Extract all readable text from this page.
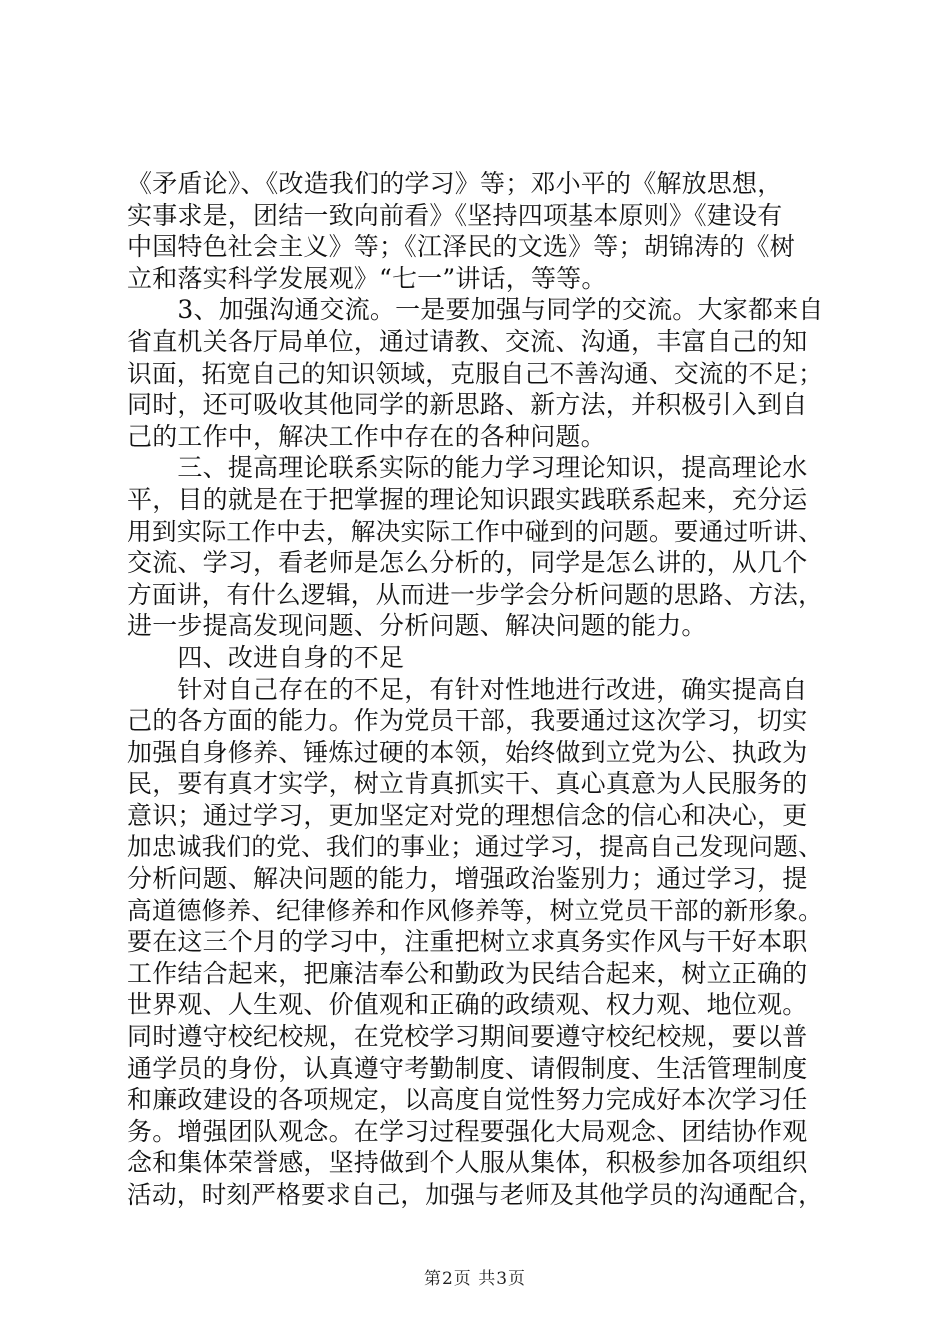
《矛盾论》、《改造我们的学习》等；邓小平的《解放思想，
实事求是，团结一致向前看》《坚持四项基本原则》《建设有
中国特色社会主义》等；《江泽民的文选》等；胡锦涛的《树
立和落实科学发展观》“七一”讲话，等等。
　　3、加强沟通交流。一是要加强与同学的交流。大家都来自
省直机关各厅局单位，通过请教、交流、沟通，丰富自己的知
识面，拓宽自己的知识领域，克服自己不善沟通、交流的不足；
同时，还可吸收其他同学的新思路、新方法，并积极引入到自
己的工作中，解决工作中存在的各种问题。
　　三、提高理论联系实际的能力学习理论知识，提高理论水
平，目的就是在于把掌握的理论知识跟实践联系起来，充分运
用到实际工作中去，解决实际工作中碰到的问题。要通过听讲、
交流、学习，看老师是怎么分析的，同学是怎么讲的，从几个
方面讲，有什么逻辑，从而进一步学会分析问题的思路、方法，
进一步提高发现问题、分析问题、解决问题的能力。
　　四、改进自身的不足
　　针对自己存在的不足，有针对性地进行改进，确实提高自
己的各方面的能力。作为党员干部，我要通过这次学习，切实
加强自身修养、锤炼过硬的本领，始终做到立党为公、执政为
民，要有真才实学，树立肯真抓实干、真心真意为人民服务的
意识；通过学习，更加坚定对党的理想信念的信心和决心，更
加忠诚我们的党、我们的事业；通过学习，提高自己发现问题、
分析问题、解决问题的能力，增强政治鉴别力；通过学习，提
高道德修养、纪律修养和作风修养等，树立党员干部的新形象。
要在这三个月的学习中，注重把树立求真务实作风与干好本职
工作结合起来，把廉洁奉公和勤政为民结合起来，树立正确的
世界观、人生观、价值观和正确的政绩观、权力观、地位观。
同时遵守校纪校规，在党校学习期间要遵守校纪校规，要以普
通学员的身份，认真遵守考勤制度、请假制度、生活管理制度
和廉政建设的各项规定，以高度自觉性努力完成好本次学习任
务。增强团队观念。在学习过程要强化大局观念、团结协作观
念和集体荣誉感，坚持做到个人服从集体，积极参加各项组织
活动，时刻严格要求自己，加强与老师及其他学员的沟通配合，
第2页 共3页
